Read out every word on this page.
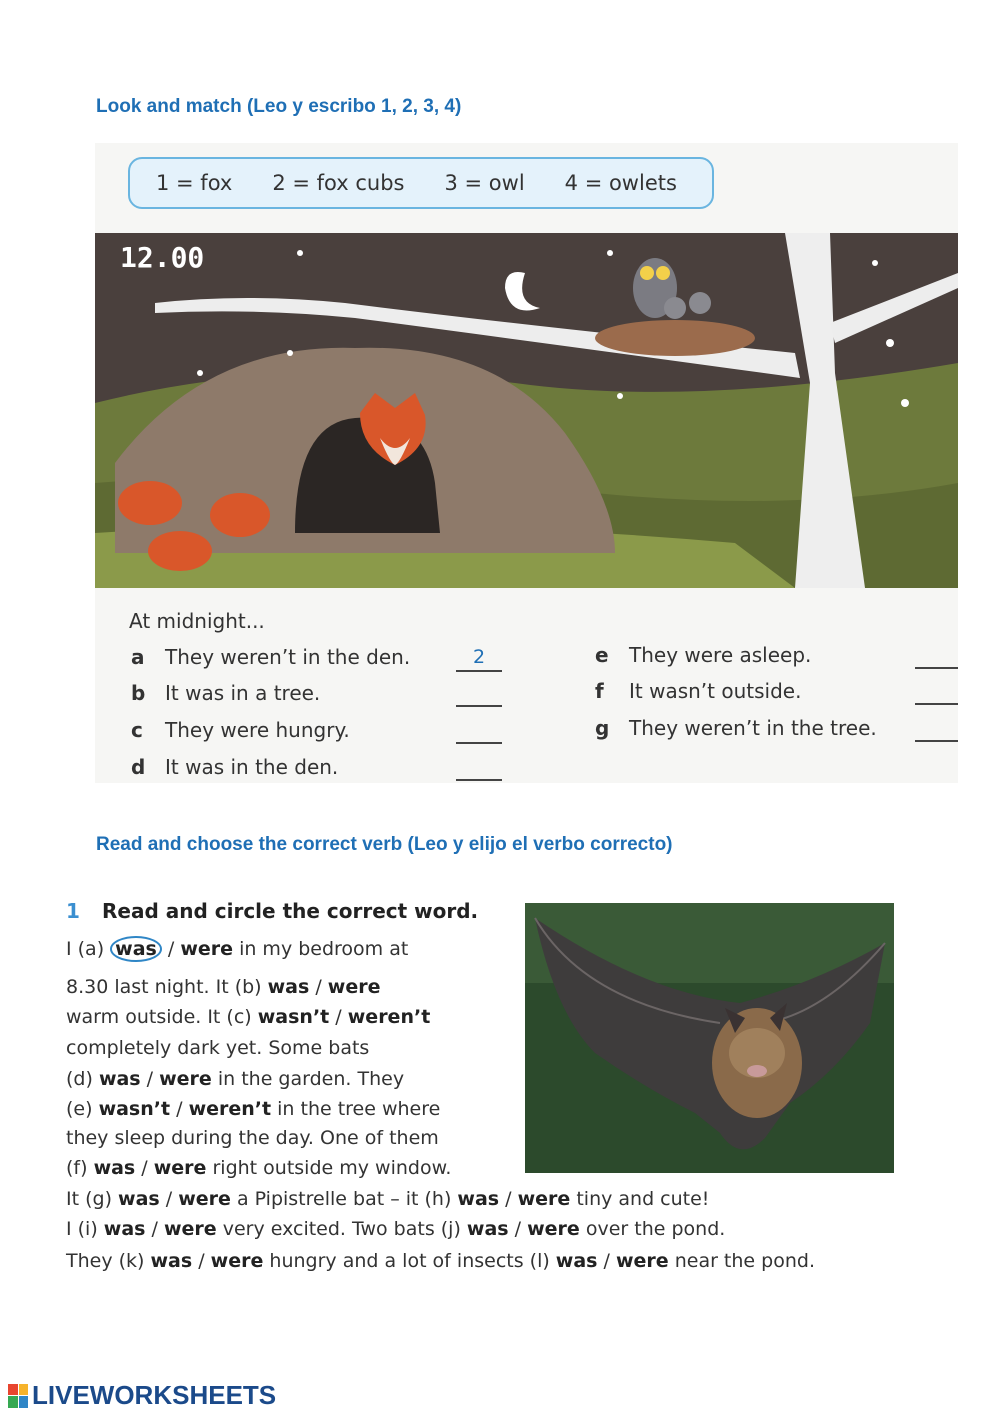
Look and match (Leo y escribo 1, 2, 3, 4)
1 = fox 2 = fox cubs 3 = owl 4 = owlets
12.00
At midnight...
a They weren’t in the den.	2
b It was in a tree.
c They were hungry.
d It was in the den.
e They were asleep.
f It wasn’t outside.
g They weren’t in the tree.
Read and choose the correct verb (Leo y elijo el verbo correcto)
1 Read and circle the correct word.
I (a) was / were in my bedroom at
8.30 last night. It (b) was / were
warm outside. It (c) wasn’t / weren’t
completely dark yet. Some bats
(d) was / were in the garden. They
(e) wasn’t / weren’t in the tree where
they sleep during the day. One of them
(f) was / were right outside my window.
It (g) was / were a Pipistrelle bat – it (h) was / were tiny and cute!
I (i) was / were very excited. Two bats (j) was / were over the pond.
They (k) was / were hungry and a lot of insects (l) was / were near the pond.
LIVEWORKSHEETS
